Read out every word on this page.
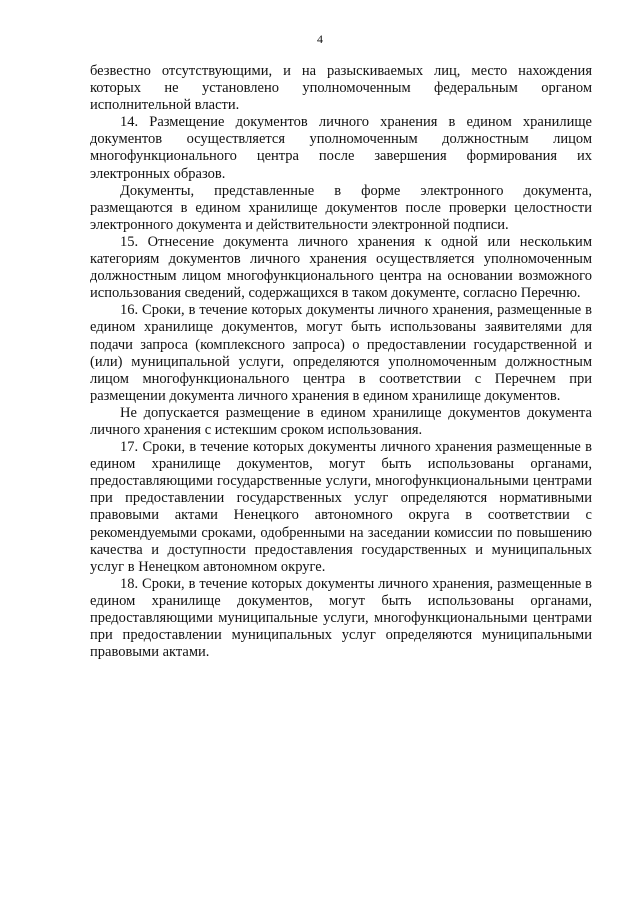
4

безвестно отсутствующими, и на разыскиваемых лиц, место нахождения которых не установлено уполномоченным федеральным органом исполнительной власти.

14. Размещение документов личного хранения в едином хранилище документов осуществляется уполномоченным должностным лицом многофункционального центра после завершения формирования их электронных образов.

Документы, представленные в форме электронного документа, размещаются в едином хранилище документов после проверки целостности электронного документа и действительности электронной подписи.

15. Отнесение документа личного хранения к одной или нескольким категориям документов личного хранения осуществляется уполномоченным должностным лицом многофункционального центра на основании возможного использования сведений, содержащихся в таком документе, согласно Перечню.

16. Сроки, в течение которых документы личного хранения, размещенные в едином хранилище документов, могут быть использованы заявителями для подачи запроса (комплексного запроса) о предоставлении государственной и (или) муниципальной услуги, определяются уполномоченным должностным лицом многофункционального центра в соответствии с Перечнем при размещении документа личного хранения в едином хранилище документов.

Не допускается размещение в едином хранилище документов документа личного хранения с истекшим сроком использования.

17. Сроки, в течение которых документы личного хранения размещенные в едином хранилище документов, могут быть использованы органами, предоставляющими государственные услуги, многофункциональными центрами при предоставлении государственных услуг определяются нормативными правовыми актами Ненецкого автономного округа в соответствии с рекомендуемыми сроками, одобренными на заседании комиссии по повышению качества и доступности предоставления государственных и муниципальных услуг в Ненецком автономном округе.

18. Сроки, в течение которых документы личного хранения, размещенные в едином хранилище документов, могут быть использованы органами, предоставляющими муниципальные услуги, многофункциональными центрами при предоставлении муниципальных услуг определяются муниципальными правовыми актами.
